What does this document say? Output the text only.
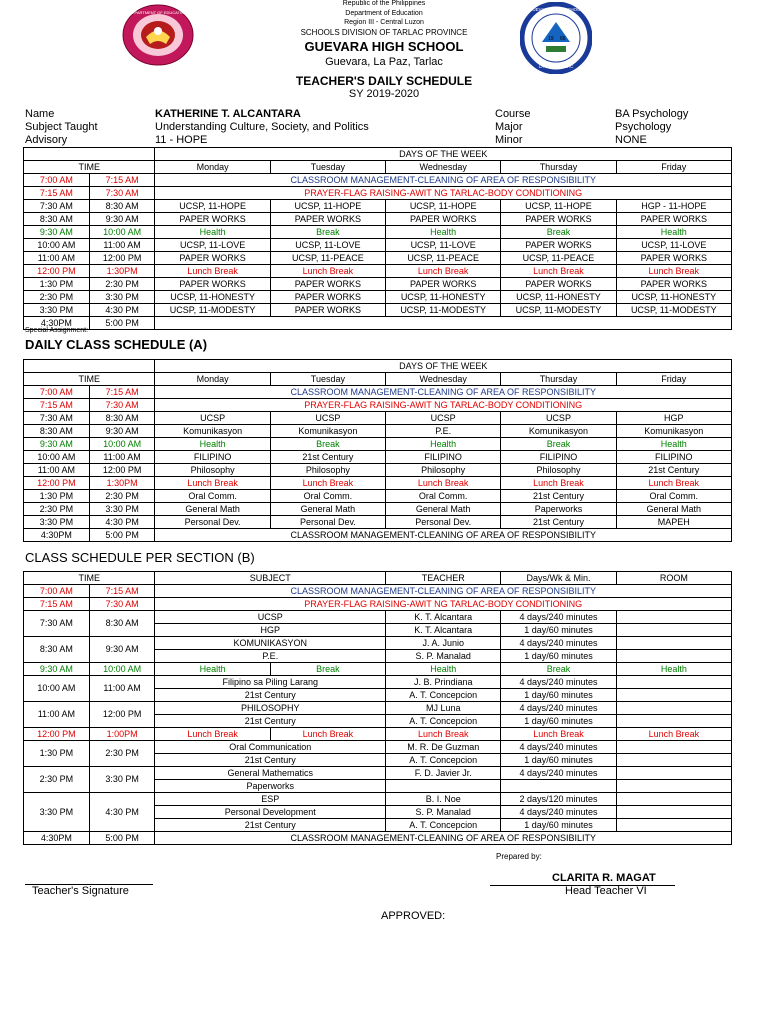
DEPARTMENT OF EDUCATION
19 66
GUEVARA HIGH SCHOOL
LA PAZ, TARLAC
Republic of the Philippines
Department of Education
Region III - Central Luzon
SCHOOLS DIVISION OF TARLAC PROVINCE
GUEVARA HIGH SCHOOL
Guevara, La Paz, Tarlac
TEACHER'S DAILY SCHEDULE
SY 2019-2020
Name	KATHERINE T. ALCANTARA
Subject Taught	Understanding Culture, Society, and Politics
Advisory	11 - HOPE
Course	BA Psychology
Major	Psychology
Minor	NONE
		DAYS OF THE WEEK				
TIME		Monday	Tuesday	Wednesday	Thursday	Friday
7:00 AM	7:15 AM	CLASSROOM MANAGEMENT-CLEANING OF AREA OF RESPONSIBILITY				
7:15 AM	7:30 AM	PRAYER-FLAG RAISING-AWIT NG TARLAC-BODY CONDITIONING				
7:30 AM	8:30 AM	UCSP, 11-HOPE	UCSP, 11-HOPE	UCSP, 11-HOPE	UCSP, 11-HOPE	HGP - 11-HOPE
8:30 AM	9:30 AM	PAPER WORKS	PAPER WORKS	PAPER WORKS	PAPER WORKS	PAPER WORKS
9:30 AM	10:00 AM	Health	Break	Health	Break	Health
10:00 AM	11:00 AM	UCSP, 11-LOVE	UCSP, 11-LOVE	UCSP, 11-LOVE	PAPER WORKS	UCSP, 11-LOVE
11:00 AM	12:00 PM	PAPER WORKS	UCSP, 11-PEACE	UCSP, 11-PEACE	UCSP, 11-PEACE	PAPER WORKS
12:00 PM	1:30PM	Lunch Break	Lunch Break	Lunch Break	Lunch Break	Lunch Break
1:30 PM	2:30 PM	PAPER WORKS	PAPER WORKS	PAPER WORKS	PAPER WORKS	PAPER WORKS
2:30 PM	3:30 PM	UCSP, 11-HONESTY	PAPER WORKS	UCSP, 11-HONESTY	UCSP, 11-HONESTY	UCSP, 11-HONESTY
3:30 PM	4:30 PM	UCSP, 11-MODESTY	PAPER WORKS	UCSP, 11-MODESTY	UCSP, 11-MODESTY	UCSP, 11-MODESTY
4:30PM	5:00 PM					
Special Assignment:
DAILY CLASS SCHEDULE (A)
		DAYS OF THE WEEK				
TIME		Monday	Tuesday	Wednesday	Thursday	Friday
7:00 AM	7:15 AM	CLASSROOM MANAGEMENT-CLEANING OF AREA OF RESPONSIBILITY				
7:15 AM	7:30 AM	PRAYER-FLAG RAISING-AWIT NG TARLAC-BODY CONDITIONING				
7:30 AM	8:30 AM	UCSP	UCSP	UCSP	UCSP	HGP
8:30 AM	9:30 AM	Komunikasyon	Komunikasyon	P.E.	Komunikasyon	Komunikasyon
9:30 AM	10:00 AM	Health	Break	Health	Break	Health
10:00 AM	11:00 AM	FILIPINO	21st Century	FILIPINO	FILIPINO	FILIPINO
11:00 AM	12:00 PM	Philosophy	Philosophy	Philosophy	Philosophy	21st Century
12:00 PM	1:30PM	Lunch Break	Lunch Break	Lunch Break	Lunch Break	Lunch Break
1:30 PM	2:30 PM	Oral Comm.	Oral Comm.	Oral Comm.	21st Century	Oral Comm.
2:30 PM	3:30 PM	General Math	General Math	General Math	Paperworks	General Math
3:30 PM	4:30 PM	Personal Dev.	Personal Dev.	Personal Dev.	21st Century	MAPEH
4:30PM	5:00 PM	CLASSROOM MANAGEMENT-CLEANING OF AREA OF RESPONSIBILITY				
CLASS SCHEDULE PER SECTION (B)
TIME		SUBJECT		TEACHER	Days/Wk & Min.	ROOM
7:00 AM	7:15 AM	CLASSROOM MANAGEMENT-CLEANING OF AREA OF RESPONSIBILITY				
7:15 AM	7:30 AM	PRAYER-FLAG RAISING-AWIT NG TARLAC-BODY CONDITIONING				
7:30 AM	8:30 AM	UCSP		K. T. Alcantara	4 days/240 minutes	
		HGP		K. T. Alcantara	1 day/60 minutes	
8:30 AM	9:30 AM	KOMUNIKASYON		J. A. Junio	4 days/240 minutes	
		P.E.		S. P. Manalad	1 day/60 minutes	
9:30 AM	10:00 AM	Health	Break	Health	Break	Health
10:00 AM	11:00 AM	Filipino sa Piling Larang		J. B. Prindiana	4 days/240 minutes	
		21st Century		A. T. Concepcion	1 day/60 minutes	
11:00 AM	12:00 PM	PHILOSOPHY		MJ Luna	4 days/240 minutes	
		21st Century		A. T. Concepcion	1 day/60 minutes	
12:00 PM	1:00PM	Lunch Break	Lunch Break	Lunch Break	Lunch Break	Lunch Break
1:30 PM	2:30 PM	Oral Communication		M. R. De Guzman	4 days/240 minutes	
		21st Century		A. T. Concepcion	1 day/60 minutes	
2:30 PM	3:30 PM	General Mathematics		F. D. Javier Jr.	4 days/240 minutes	
		Paperworks				
3:30 PM	4:30 PM	ESP		B. I. Noe	2 days/120 minutes	
		Personal Development		S. P. Manalad	4 days/240 minutes	
		21st Century		A. T. Concepcion	1 day/60 minutes	
4:30PM	5:00 PM	CLASSROOM MANAGEMENT-CLEANING OF AREA OF RESPONSIBILITY				
Prepared by:
Teacher's Signature
CLARITA R. MAGAT
Head Teacher VI
APPROVED:
